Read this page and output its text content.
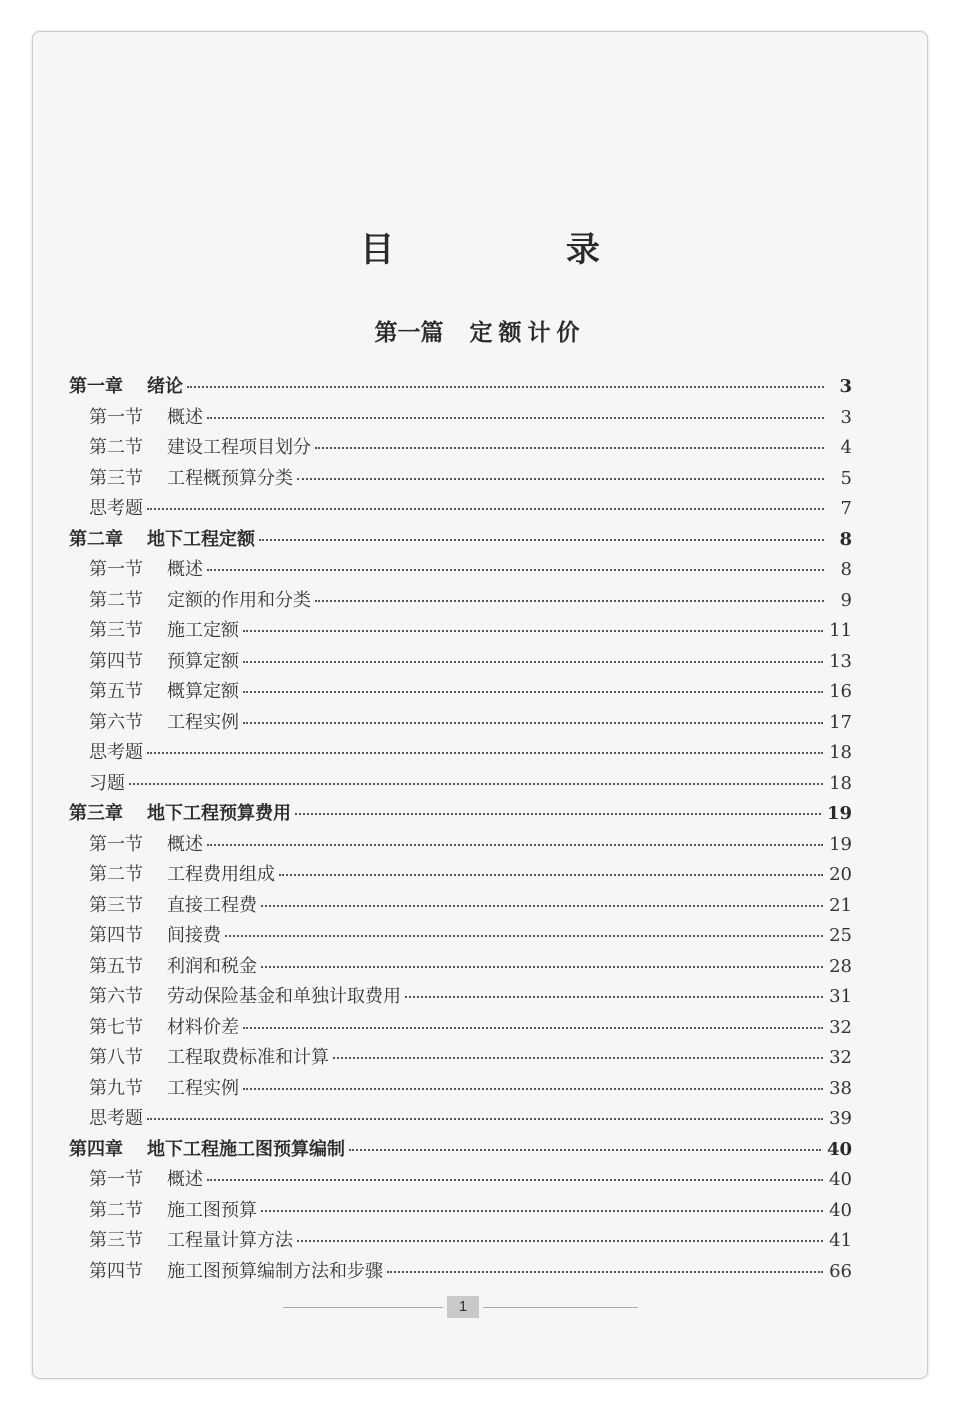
目 录
第一篇 定额计价
第一章 绪论	3
第一节 概述	3
第二节 建设工程项目划分	4
第三节 工程概预算分类	5
思考题	7
第二章 地下工程定额	8
第一节 概述	8
第二节 定额的作用和分类	9
第三节 施工定额	11
第四节 预算定额	13
第五节 概算定额	16
第六节 工程实例	17
思考题	18
习题	18
第三章 地下工程预算费用	19
第一节 概述	19
第二节 工程费用组成	20
第三节 直接工程费	21
第四节 间接费	25
第五节 利润和税金	28
第六节 劳动保险基金和单独计取费用	31
第七节 材料价差	32
第八节 工程取费标准和计算	32
第九节 工程实例	38
思考题	39
第四章 地下工程施工图预算编制	40
第一节 概述	40
第二节 施工图预算	40
第三节 工程量计算方法	41
第四节 施工图预算编制方法和步骤	66
1
